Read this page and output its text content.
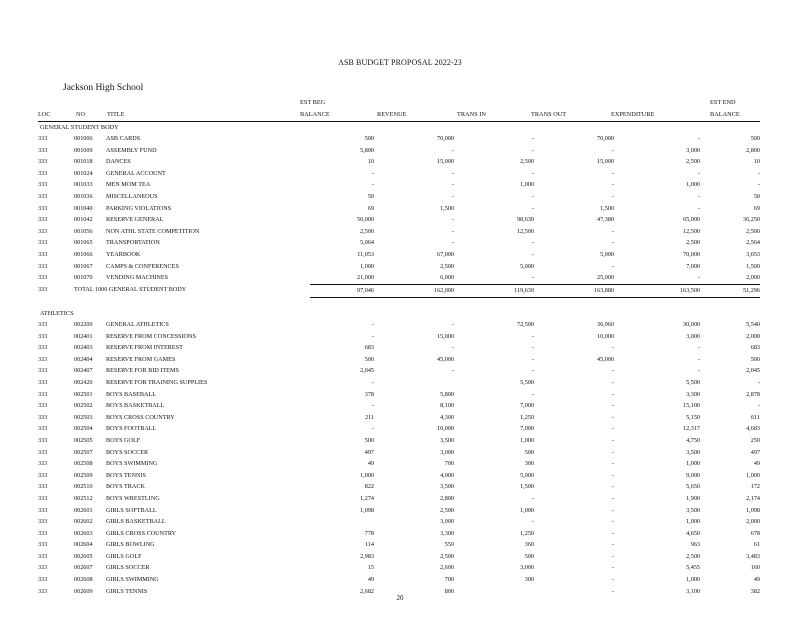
ASB BUDGET PROPOSAL 2022-23
Jackson High School
LOC	NO	TITLE
EST BEG
BALANCE	REVENUE	TRANS IN	TRANS OUT	EXPENDITURE
EST END
BALANCE
GENERAL STUDENT BODY
333	001006	ASB CARDS	500	70,000	-	70,000	-	500
333	001009	ASSEMBLY FUND	5,800	-	-	-	3,000	2,800
333	001018	DANCES	10	15,000	2,500	15,000	2,500	10
333	001024	GENERAL ACCOUNT	-	-	-	-	-	-
333	001033	MEN MOM TEA	-	-	1,000	-	1,000	-
333	001036	MISCELLANEOUS	50	-	-	-	-	50
333	001040	PARKING VIOLATIONS	69	1,500	-	1,500	-	69
333	001042	RESERVE GENERAL	50,000	-	98,630	47,380	65,000	36,250
333	001056	NON ATHL STATE COMPETITION	2,500	-	12,500	-	12,500	2,500
333	001065	TRANSPORTATION	5,064	-	-	-	2,500	2,564
333	001066	YEARBOOK	11,053	67,000	-	5,000	70,000	3,053
333	001067	CAMPS & CONFERENCES	1,000	2,500	5,000	-	7,000	1,500
333	001070	VENDING MACHINES	21,000	6,000	-	25,000	-	2,000
333	TOTAL 1000 GENERAL STUDENT BODY		97,046	162,000	119,630	163,880	163,500	51,296
ATHLETICS
333	002200	GENERAL ATHLETICS	-	-	72,500	36,960	30,000	5,540
333	002401	RESERVE FROM CONCESSIONS	-	15,000	-	10,000	3,000	2,000
333	002403	RESERVE FROM INTEREST	683	-	-	-	-	683
333	002404	RESERVE FROM GAMES	500	45,000	-	45,000	-	500
333	002407	RESERVE FOR BID ITEMS	2,045	-	-	-	-	2,045
333	002420	RESERVE FOR TRAINING SUPPLIES	-		5,500	-	5,500	-
333	002501	BOYS BASEBALL	378	5,800	-	-	3,300	2,878
333	002502	BOYS BASKETBALL	-	8,100	7,000	-	15,100	-
333	002503	BOYS CROSS COUNTRY	211	4,300	1,250	-	5,150	611
333	002504	BOYS FOOTBALL	-	10,000	7,000	-	12,317	4,683
333	002505	BOYS GOLF	500	3,500	1,000	-	4,750	250
333	002507	BOYS SOCCER	497	3,000	500	-	3,500	497
333	002508	BOYS SWIMMING	49	700	300	-	1,000	49
333	002509	BOYS TENNIS	1,000	4,000	5,000	-	9,000	1,000
333	002510	BOYS TRACK	822	3,500	1,500	-	5,650	172
333	002512	BOYS WRESTLING	1,274	2,800	-	-	1,900	2,174
333	002601	GIRLS SOFTBALL	1,098	2,500	1,000	-	3,500	1,098
333	002602	GIRLS BASKETBALL		3,000	-	-	1,000	2,000
333	002603	GIRLS CROSS COUNTRY	778	3,300	1,250	-	4,650	678
333	002604	GIRLS BOWLING	114	550	360	-	963	61
333	002605	GIRLS GOLF	2,983	2,500	500	-	2,500	3,483
333	002607	GIRLS SOCCER	15	2,600	3,000	-	5,455	160
333	002608	GIRLS SWIMMING	49	700	300	-	1,000	49
333	002609	GIRLS TENNIS	2,682	800		-	3,100	382
20
